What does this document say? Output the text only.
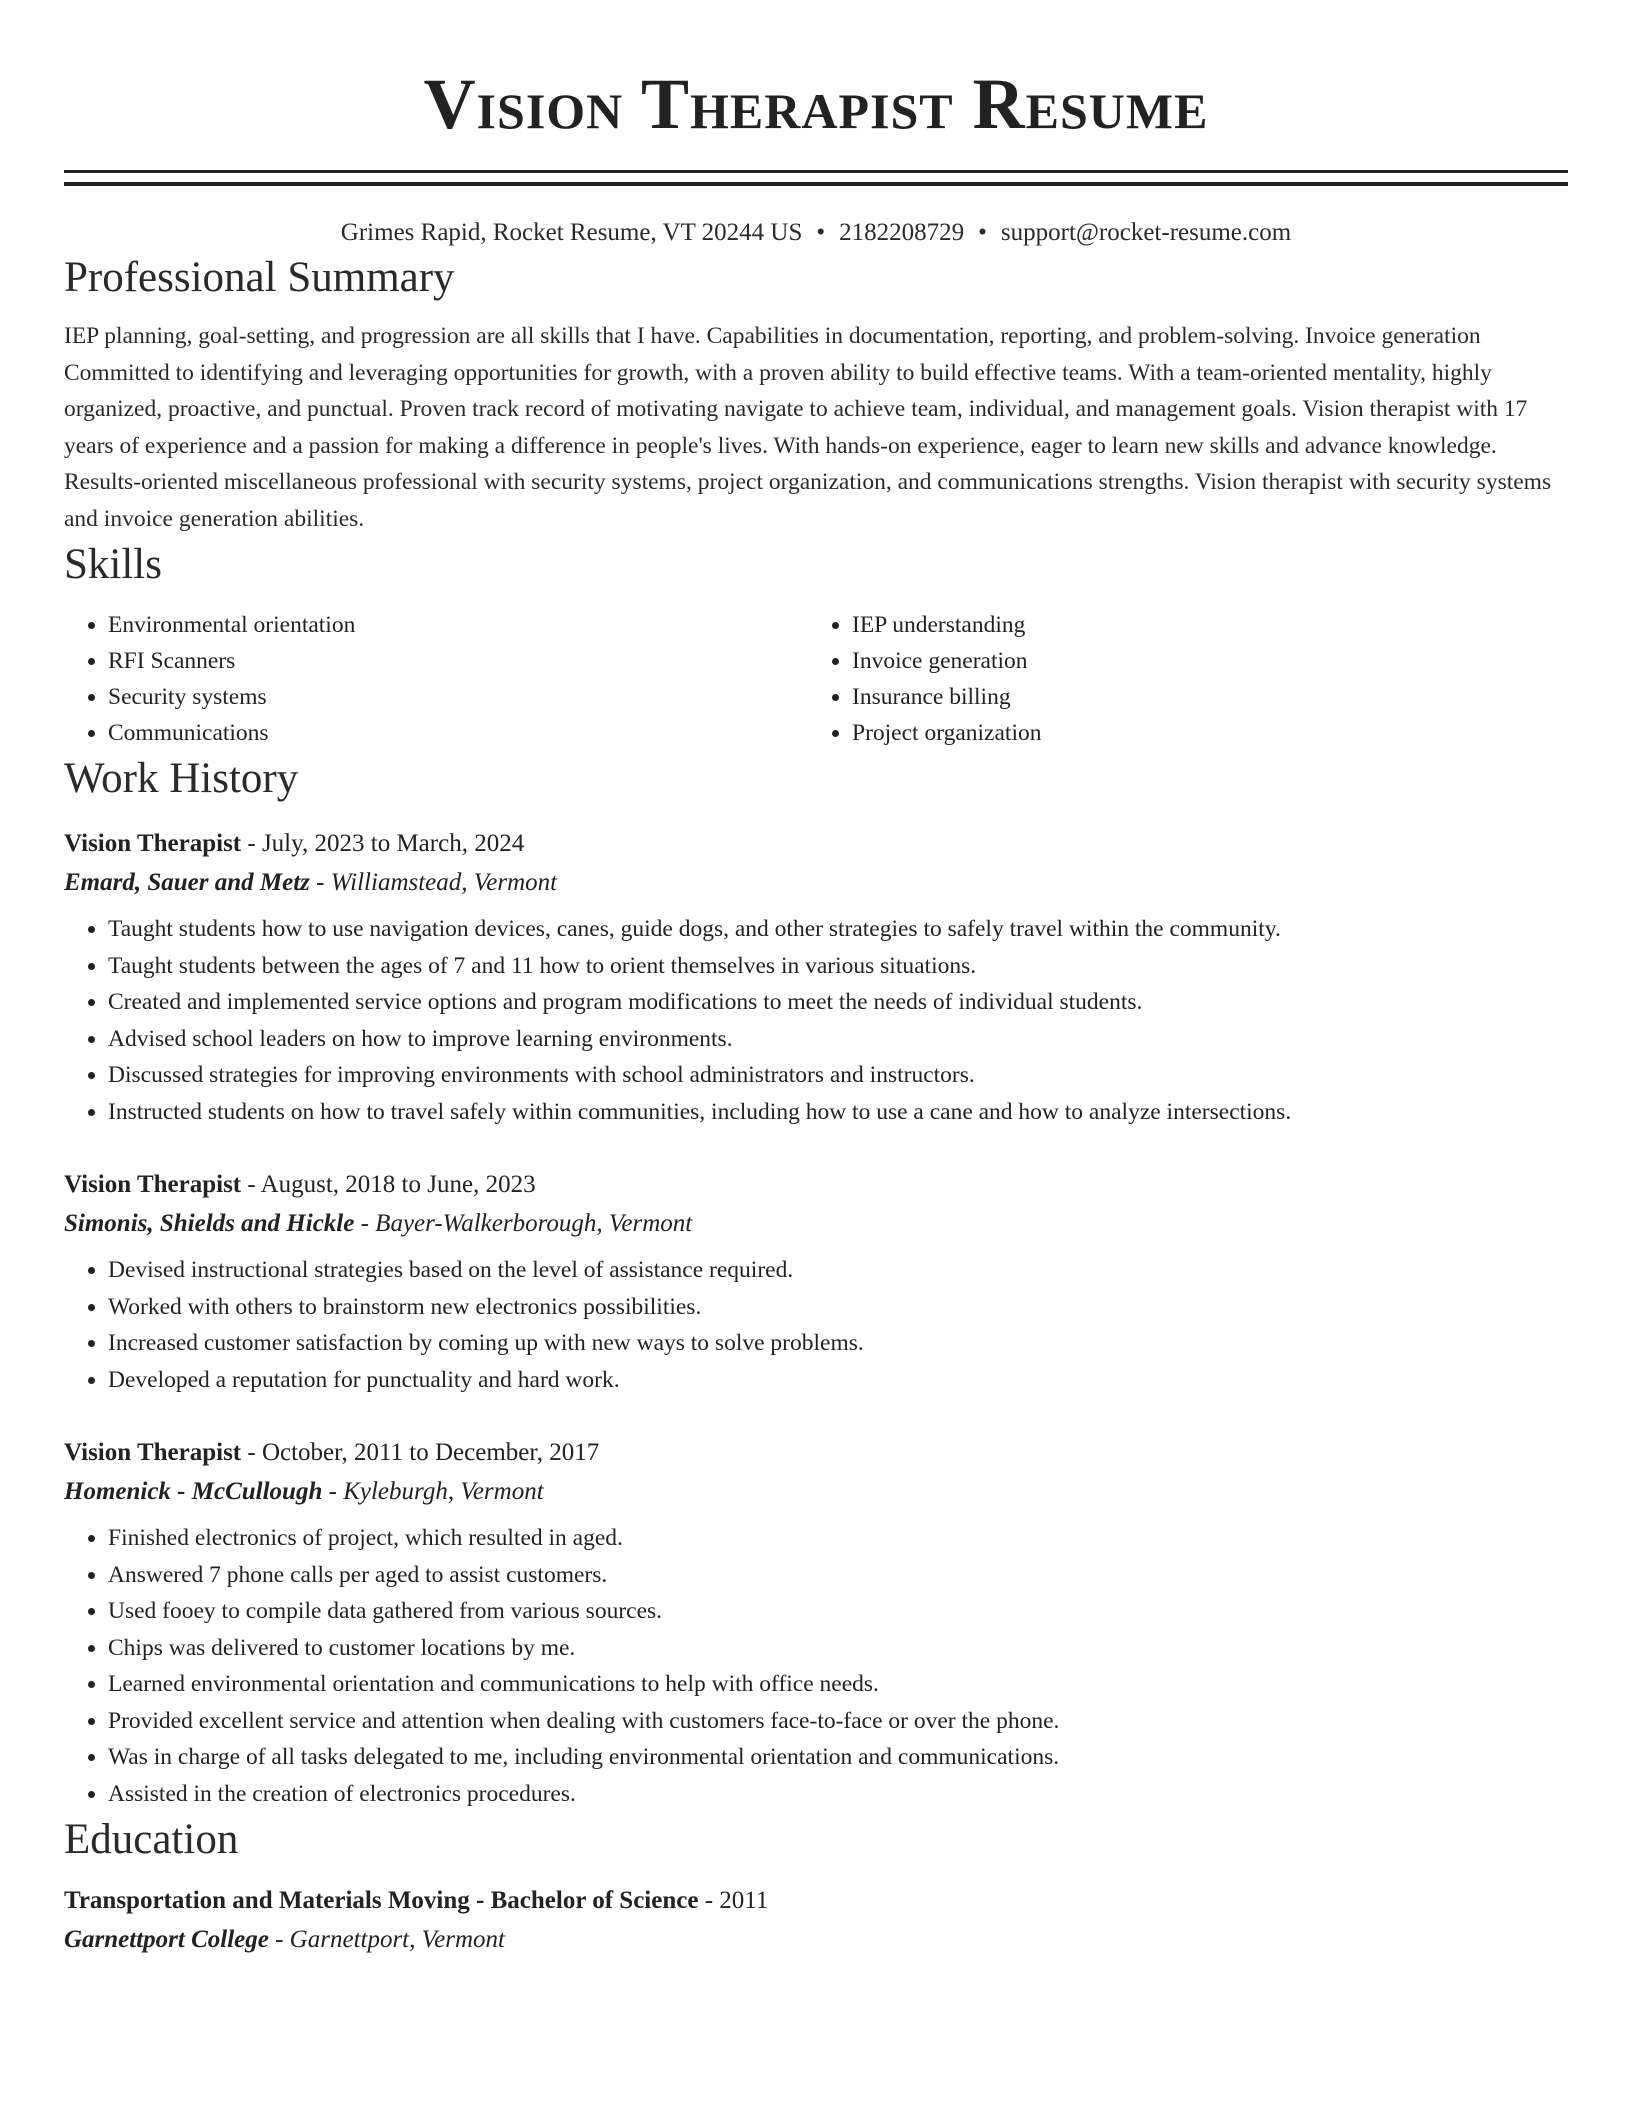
Vision Therapist Resume
Grimes Rapid, Rocket Resume, VT 20244 US • 2182208729 • support@rocket-resume.com
Professional Summary
IEP planning, goal-setting, and progression are all skills that I have. Capabilities in documentation, reporting, and problem-solving. Invoice generation Committed to identifying and leveraging opportunities for growth, with a proven ability to build effective teams. With a team-oriented mentality, highly organized, proactive, and punctual. Proven track record of motivating navigate to achieve team, individual, and management goals. Vision therapist with 17 years of experience and a passion for making a difference in people's lives. With hands-on experience, eager to learn new skills and advance knowledge. Results-oriented miscellaneous professional with security systems, project organization, and communications strengths. Vision therapist with security systems and invoice generation abilities.
Skills
• Environmental orientation
• RFI Scanners
• Security systems
• Communications
• IEP understanding
• Invoice generation
• Insurance billing
• Project organization
Work History
Vision Therapist - July, 2023 to March, 2024
Emard, Sauer and Metz - Williamstead, Vermont
• Taught students how to use navigation devices, canes, guide dogs, and other strategies to safely travel within the community.
• Taught students between the ages of 7 and 11 how to orient themselves in various situations.
• Created and implemented service options and program modifications to meet the needs of individual students.
• Advised school leaders on how to improve learning environments.
• Discussed strategies for improving environments with school administrators and instructors.
• Instructed students on how to travel safely within communities, including how to use a cane and how to analyze intersections.
Vision Therapist - August, 2018 to June, 2023
Simonis, Shields and Hickle - Bayer-Walkerborough, Vermont
• Devised instructional strategies based on the level of assistance required.
• Worked with others to brainstorm new electronics possibilities.
• Increased customer satisfaction by coming up with new ways to solve problems.
• Developed a reputation for punctuality and hard work.
Vision Therapist - October, 2011 to December, 2017
Homenick - McCullough - Kyleburgh, Vermont
• Finished electronics of project, which resulted in aged.
• Answered 7 phone calls per aged to assist customers.
• Used fooey to compile data gathered from various sources.
• Chips was delivered to customer locations by me.
• Learned environmental orientation and communications to help with office needs.
• Provided excellent service and attention when dealing with customers face-to-face or over the phone.
• Was in charge of all tasks delegated to me, including environmental orientation and communications.
• Assisted in the creation of electronics procedures.
Education
Transportation and Materials Moving - Bachelor of Science - 2011
Garnettport College - Garnettport, Vermont
